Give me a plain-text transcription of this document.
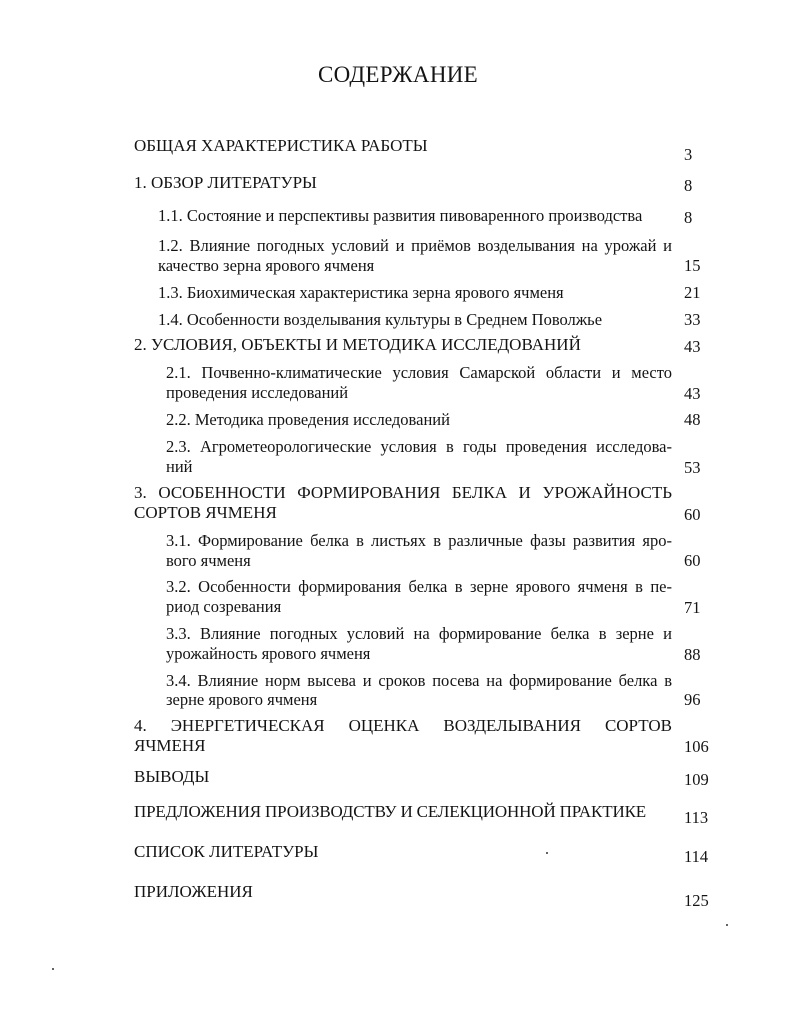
СОДЕРЖАНИЕ
ОБЩАЯ ХАРАКТЕРИСТИКА РАБОТЫ	3
1. ОБЗОР ЛИТЕРАТУРЫ	8
1.1. Состояние и перспективы развития пивоваренного производства	8
1.2. Влияние погодных условий и приёмов возделывания на урожай и
качество зерна ярового ячменя	15
1.3. Биохимическая характеристика зерна ярового ячменя	21
1.4. Особенности возделывания культуры в Среднем Поволжье	33
2. УСЛОВИЯ, ОБЪЕКТЫ И МЕТОДИКА ИССЛЕДОВАНИЙ	43
2.1. Почвенно-климатические условия Самарской области и место
проведения исследований	43
2.2. Методика проведения исследований	48
2.3. Агрометеорологические условия в годы проведения исследова-
ний	53
3. ОСОБЕННОСТИ ФОРМИРОВАНИЯ БЕЛКА И УРОЖАЙНОСТЬ
СОРТОВ ЯЧМЕНЯ	60
3.1. Формирование белка в листьях в различные фазы развития яро-
вого ячменя	60
3.2. Особенности формирования белка в зерне ярового ячменя в пе-
риод созревания	71
3.3. Влияние погодных условий на формирование белка в зерне и
урожайность ярового ячменя	88
3.4. Влияние норм высева и сроков посева на формирование белка в
зерне ярового ячменя	96
4. ЭНЕРГЕТИЧЕСКАЯ ОЦЕНКА ВОЗДЕЛЫВАНИЯ СОРТОВ
ЯЧМЕНЯ	106
ВЫВОДЫ	109
ПРЕДЛОЖЕНИЯ ПРОИЗВОДСТВУ И СЕЛЕКЦИОННОЙ ПРАКТИКЕ	113
СПИСОК ЛИТЕРАТУРЫ	114
ПРИЛОЖЕНИЯ	125
